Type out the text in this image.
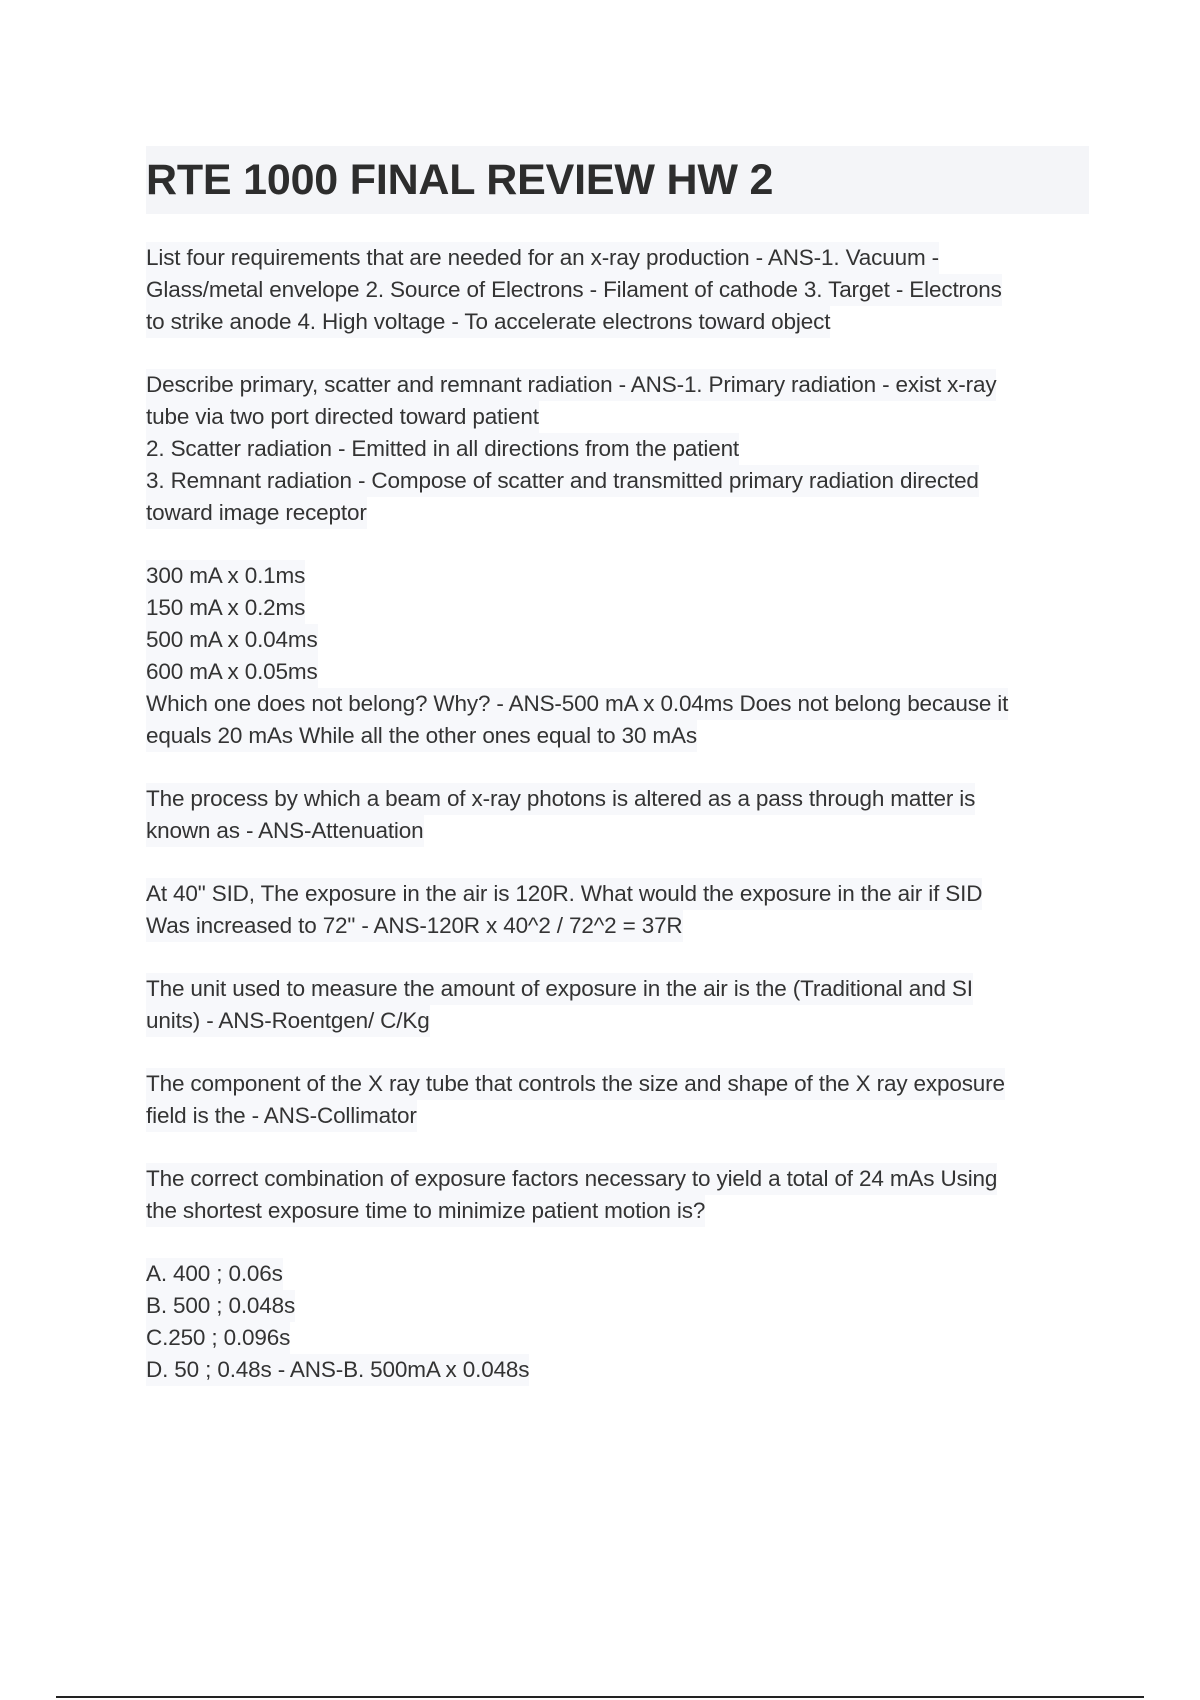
RTE 1000 FINAL REVIEW HW 2
List four requirements that are needed for an x-ray production - ANS-1. Vacuum -
Glass/metal envelope 2. Source of Electrons - Filament of cathode 3. Target - Electrons
to strike anode 4. High voltage - To accelerate electrons toward object
Describe primary, scatter and remnant radiation - ANS-1. Primary radiation - exist x-ray
tube via two port directed toward patient
2. Scatter radiation - Emitted in all directions from the patient
3. Remnant radiation - Compose of scatter and transmitted primary radiation directed
toward image receptor
300 mA x 0.1ms
150 mA x 0.2ms
500 mA x 0.04ms
600 mA x 0.05ms
Which one does not belong? Why? - ANS-500 mA x 0.04ms Does not belong because it
equals 20 mAs While all the other ones equal to 30 mAs
The process by which a beam of x-ray photons is altered as a pass through matter is
known as - ANS-Attenuation
At 40" SID, The exposure in the air is 120R. What would the exposure in the air if SID
Was increased to 72" - ANS-120R x 40^2 / 72^2 = 37R
The unit used to measure the amount of exposure in the air is the (Traditional and SI
units) - ANS-Roentgen/ C/Kg
The component of the X ray tube that controls the size and shape of the X ray exposure
field is the - ANS-Collimator
The correct combination of exposure factors necessary to yield a total of 24 mAs Using
the shortest exposure time to minimize patient motion is?
A. 400 ; 0.06s
B. 500 ; 0.048s
C.250 ; 0.096s
D. 50 ; 0.48s - ANS-B. 500mA x 0.048s
